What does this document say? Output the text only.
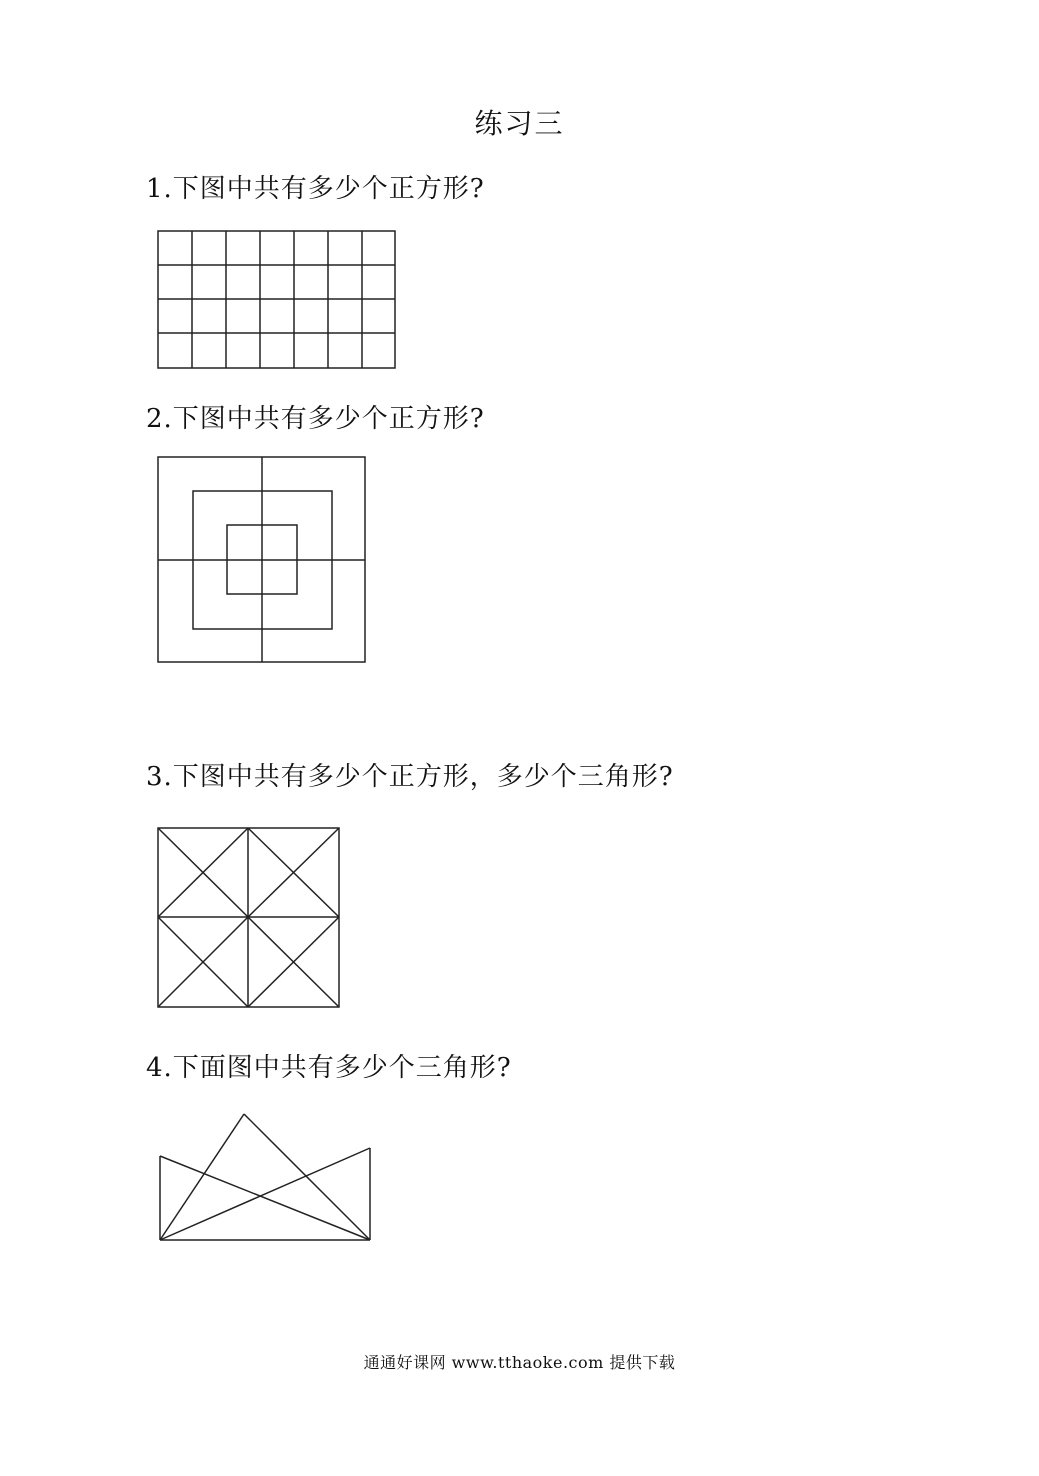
练习三
1.下图中共有多少个正方形?
2.下图中共有多少个正方形?
3.下图中共有多少个正方形，多少个三角形?
4.下面图中共有多少个三角形?
通通好课网 www.tthaoke.com 提供下载
